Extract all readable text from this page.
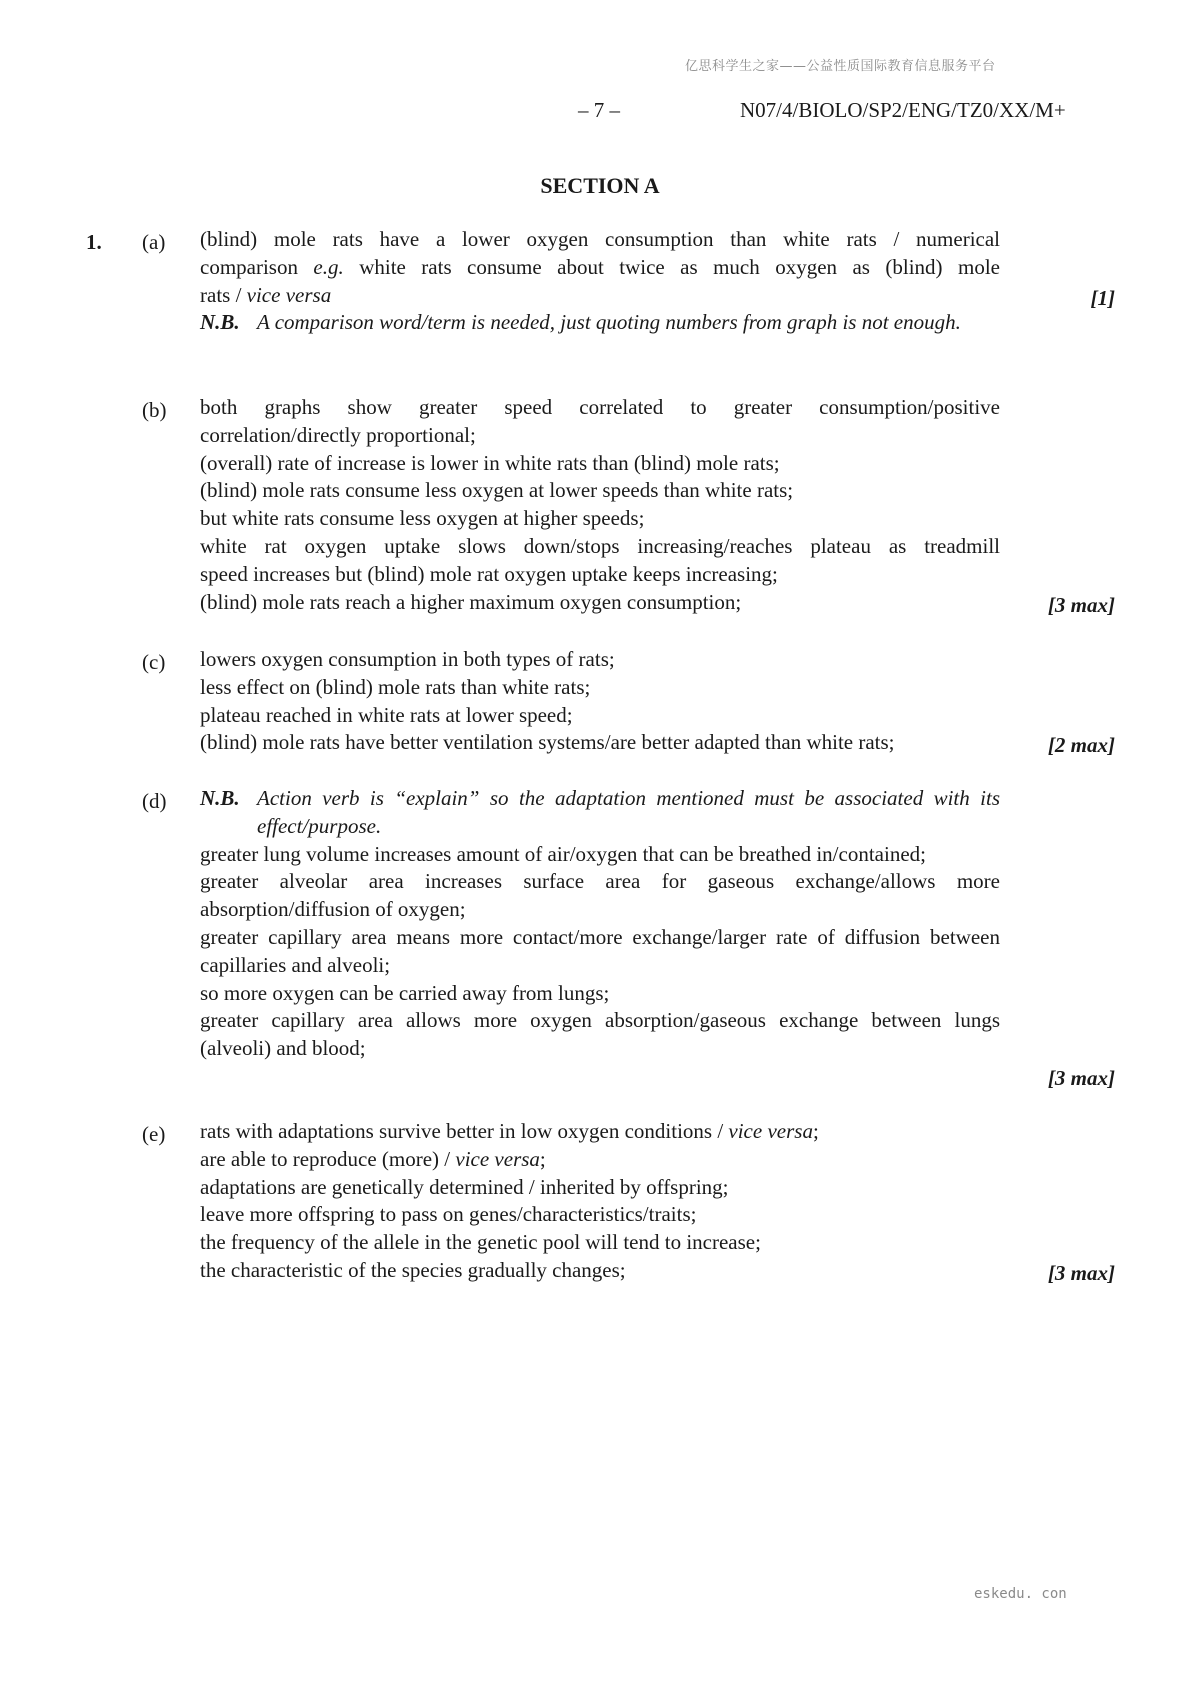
亿思科学生之家——公益性质国际教育信息服务平台
– 7 –	N07/4/BIOLO/SP2/ENG/TZ0/XX/M+
SECTION A
1. (a) (blind) mole rats have a lower oxygen consumption than white rats / numerical

comparison e.g. white rats consume about twice as much oxygen as (blind) mole

rats / vice versa

N.B. A comparison word/term is needed, just quoting numbers from graph is not enough.

[1]
(b) both graphs show greater speed correlated to greater consumption/positive

correlation/directly proportional;

(overall) rate of increase is lower in white rats than (blind) mole rats;

(blind) mole rats consume less oxygen at lower speeds than white rats;

but white rats consume less oxygen at higher speeds;

white rat oxygen uptake slows down/stops increasing/reaches plateau as treadmill

speed increases but (blind) mole rat oxygen uptake keeps increasing;

(blind) mole rats reach a higher maximum oxygen consumption;	[3 max]
(c) lowers oxygen consumption in both types of rats;

less effect on (blind) mole rats than white rats;

plateau reached in white rats at lower speed;

(blind) mole rats have better ventilation systems/are better adapted than white rats;	[2 max]
(d) N.B. Action verb is “explain” so the adaptation mentioned must be associated with its effect/purpose.

greater lung volume increases amount of air/oxygen that can be breathed in/contained;

greater alveolar area increases surface area for gaseous exchange/allows more absorption/diffusion of oxygen;

greater capillary area means more contact/more exchange/larger rate of diffusion between capillaries and alveoli;

so more oxygen can be carried away from lungs;

greater capillary area allows more oxygen absorption/gaseous exchange between lungs (alveoli) and blood;

[3 max]
(e) rats with adaptations survive better in low oxygen conditions / vice versa;

are able to reproduce (more) / vice versa;

adaptations are genetically determined / inherited by offspring;

leave more offspring to pass on genes/characteristics/traits;

the frequency of the allele in the genetic pool will tend to increase;

the characteristic of the species gradually changes;	[3 max]
eskedu. con
